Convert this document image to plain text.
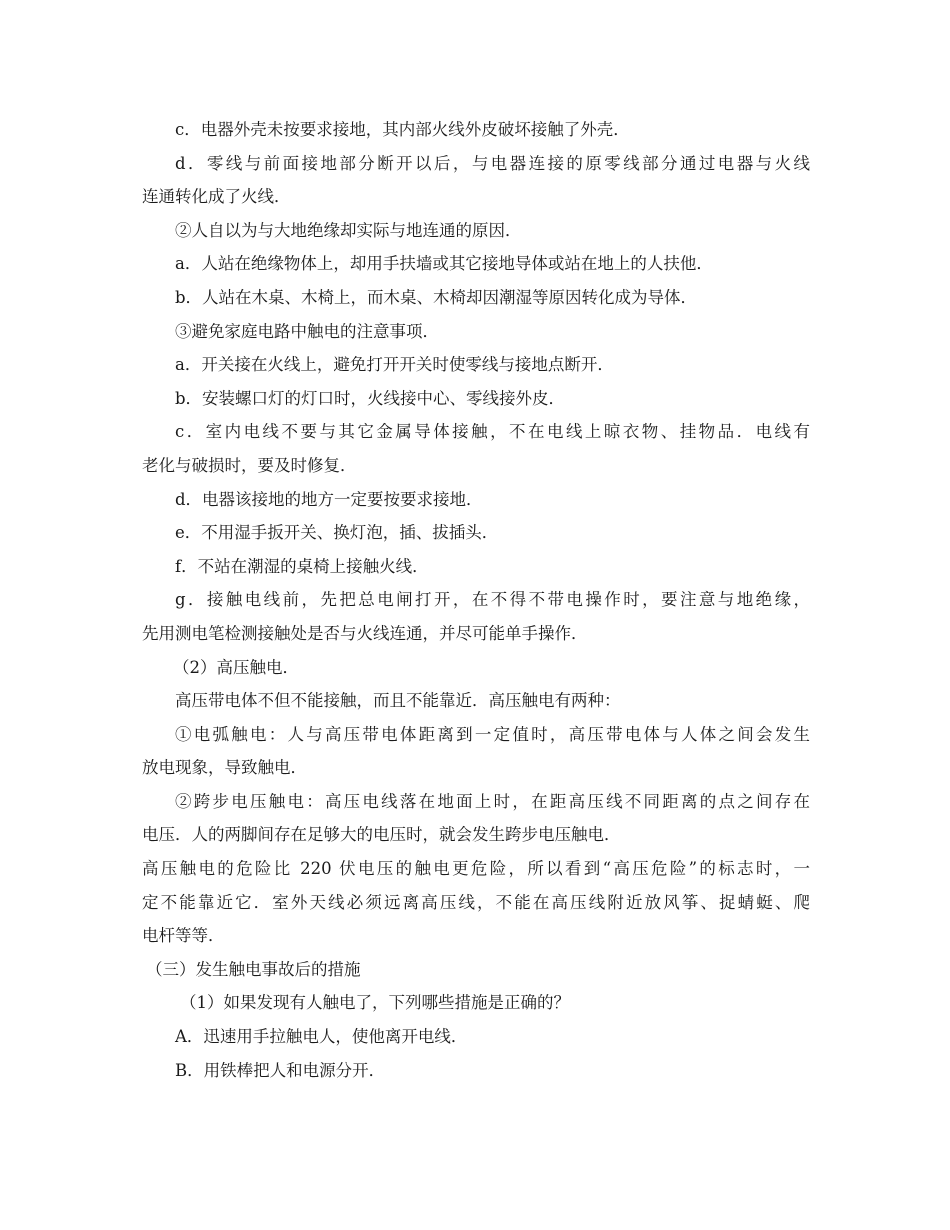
c．电器外壳未按要求接地，其内部火线外皮破坏接触了外壳．
d．零线与前面接地部分断开以后，与电器连接的原零线部分通过电器与火线
连通转化成了火线．
②人自以为与大地绝缘却实际与地连通的原因．
a．人站在绝缘物体上，却用手扶墙或其它接地导体或站在地上的人扶他．
b．人站在木桌、木椅上，而木桌、木椅却因潮湿等原因转化成为导体．
③避免家庭电路中触电的注意事项．
a．开关接在火线上，避免打开开关时使零线与接地点断开．
b．安装螺口灯的灯口时，火线接中心、零线接外皮．
c．室内电线不要与其它金属导体接触，不在电线上晾衣物、挂物品．电线有
老化与破损时，要及时修复．
d．电器该接地的地方一定要按要求接地．
e．不用湿手扳开关、换灯泡，插、拔插头．
f．不站在潮湿的桌椅上接触火线．
g．接触电线前，先把总电闸打开，在不得不带电操作时，要注意与地绝缘，
先用测电笔检测接触处是否与火线连通，并尽可能单手操作．
（2）高压触电．
高压带电体不但不能接触，而且不能靠近．高压触电有两种：
①电弧触电：人与高压带电体距离到一定值时，高压带电体与人体之间会发生
放电现象，导致触电．
②跨步电压触电：高压电线落在地面上时，在距高压线不同距离的点之间存在
电压．人的两脚间存在足够大的电压时，就会发生跨步电压触电．
高压触电的危险比 220 伏电压的触电更危险，所以看到“高压危险”的标志时，一
定不能靠近它．室外天线必须远离高压线，不能在高压线附近放风筝、捉蜻蜓、爬
电杆等等．
（三）发生触电事故后的措施
（1）如果发现有人触电了，下列哪些措施是正确的？
A．迅速用手拉触电人，使他离开电线．
B．用铁棒把人和电源分开．
